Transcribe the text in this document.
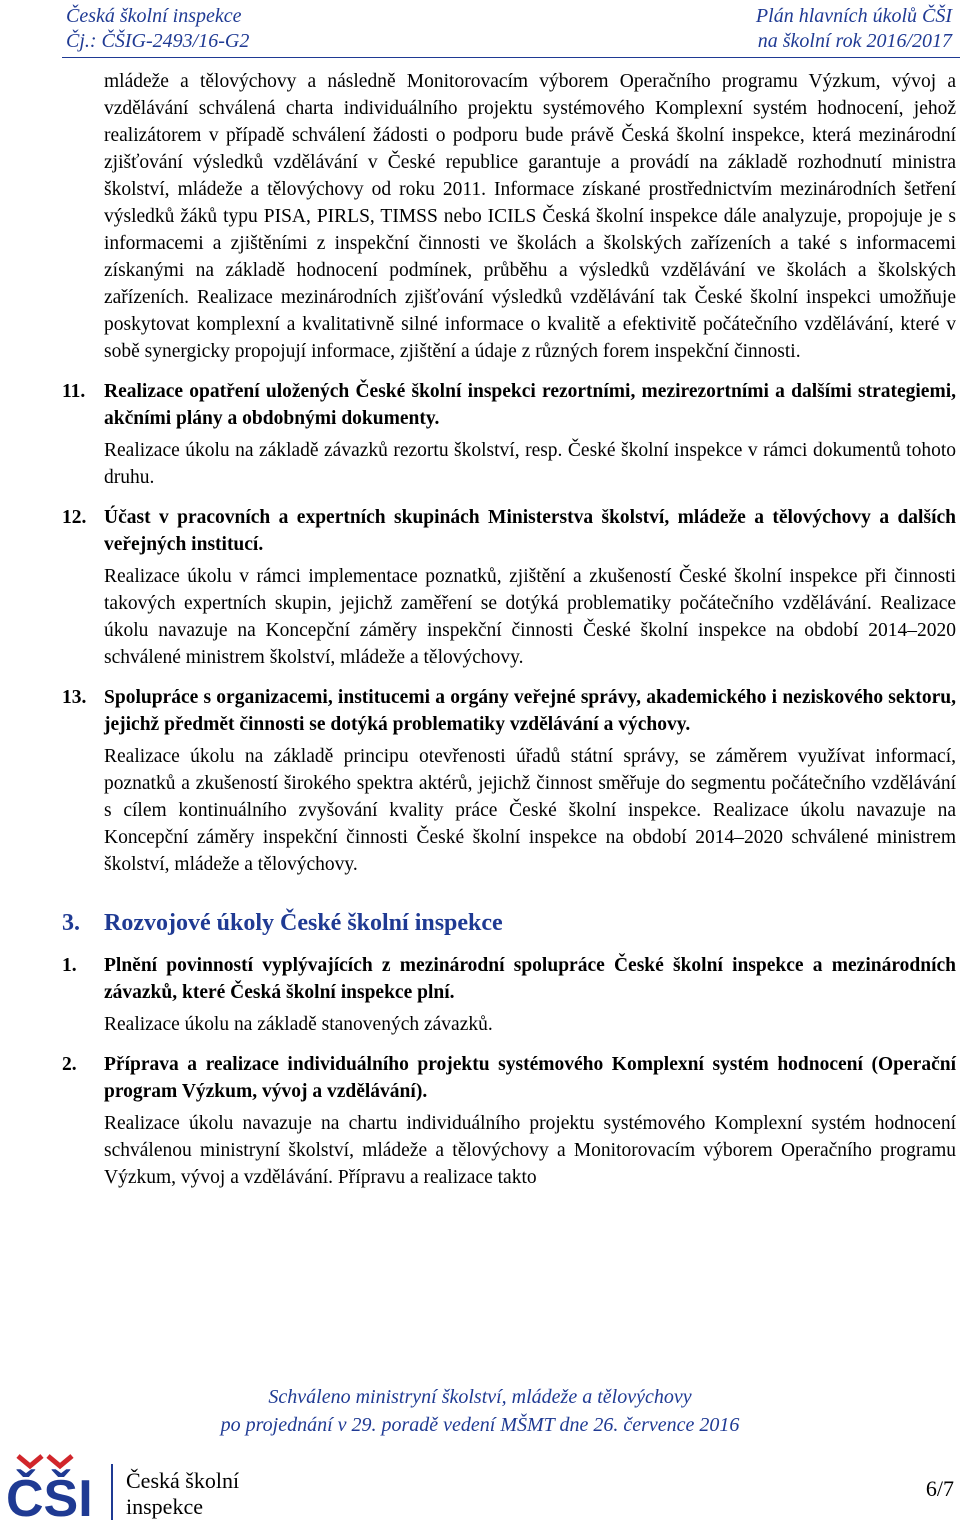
Česká školní inspekce
Čj.: ČŠIG-2493/16-G2
Plán hlavních úkolů ČŠI
na školní rok 2016/2017

mládeže a tělovýchovy a následně Monitorovacím výborem Operačního programu Výzkum, vývoj a vzdělávání schválená charta individuálního projektu systémového Komplexní systém hodnocení, jehož realizátorem v případě schválení žádosti o podporu bude právě Česká školní inspekce, která mezinárodní zjišťování výsledků vzdělávání v České republice garantuje a provádí na základě rozhodnutí ministra školství, mládeže a tělovýchovy od roku 2011. Informace získané prostřednictvím mezinárodních šetření výsledků žáků typu PISA, PIRLS, TIMSS nebo ICILS Česká školní inspekce dále analyzuje, propojuje je s informacemi a zjištěními z inspekční činnosti ve školách a školských zařízeních a také s informacemi získanými na základě hodnocení podmínek, průběhu a výsledků vzdělávání ve školách a školských zařízeních. Realizace mezinárodních zjišťování výsledků vzdělávání tak České školní inspekci umožňuje poskytovat komplexní a kvalitativně silné informace o kvalitě a efektivitě počátečního vzdělávání, které v sobě synergicky propojují informace, zjištění a údaje z různých forem inspekční činnosti.

11. Realizace opatření uložených České školní inspekci rezortními, mezirezortními a dalšími strategiemi, akčními plány a obdobnými dokumenty.

Realizace úkolu na základě závazků rezortu školství, resp. České školní inspekce v rámci dokumentů tohoto druhu.

12. Účast v pracovních a expertních skupinách Ministerstva školství, mládeže a tělovýchovy a dalších veřejných institucí.

Realizace úkolu v rámci implementace poznatků, zjištění a zkušeností České školní inspekce při činnosti takových expertních skupin, jejichž zaměření se dotýká problematiky počátečního vzdělávání. Realizace úkolu navazuje na Koncepční záměry inspekční činnosti České školní inspekce na období 2014–2020 schválené ministrem školství, mládeže a tělovýchovy.

13. Spolupráce s organizacemi, institucemi a orgány veřejné správy, akademického i neziskového sektoru, jejichž předmět činnosti se dotýká problematiky vzdělávání a výchovy.

Realizace úkolu na základě principu otevřenosti úřadů státní správy, se záměrem využívat informací, poznatků a zkušeností širokého spektra aktérů, jejichž činnost směřuje do segmentu počátečního vzdělávání s cílem kontinuálního zvyšování kvality práce České školní inspekce. Realizace úkolu navazuje na Koncepční záměry inspekční činnosti České školní inspekce na období 2014–2020 schválené ministrem školství, mládeže a tělovýchovy.

3. Rozvojové úkoly České školní inspekce
1. Plnění povinností vyplývajících z mezinárodní spolupráce České školní inspekce a mezinárodních závazků, které Česká školní inspekce plní.

Realizace úkolu na základě stanovených závazků.

2. Příprava a realizace individuálního projektu systémového Komplexní systém hodnocení (Operační program Výzkum, vývoj a vzdělávání).

Realizace úkolu navazuje na chartu individuálního projektu systémového Komplexní systém hodnocení schválenou ministryní školství, mládeže a tělovýchovy a Monitorovacím výborem Operačního programu Výzkum, vývoj a vzdělávání. Přípravu a realizace takto

Schváleno ministryní školství, mládeže a tělovýchovy
po projednání v 29. poradě vedení MŠMT dne 26. července 2016
ČŠI Česká školní
inspekce
6/7
